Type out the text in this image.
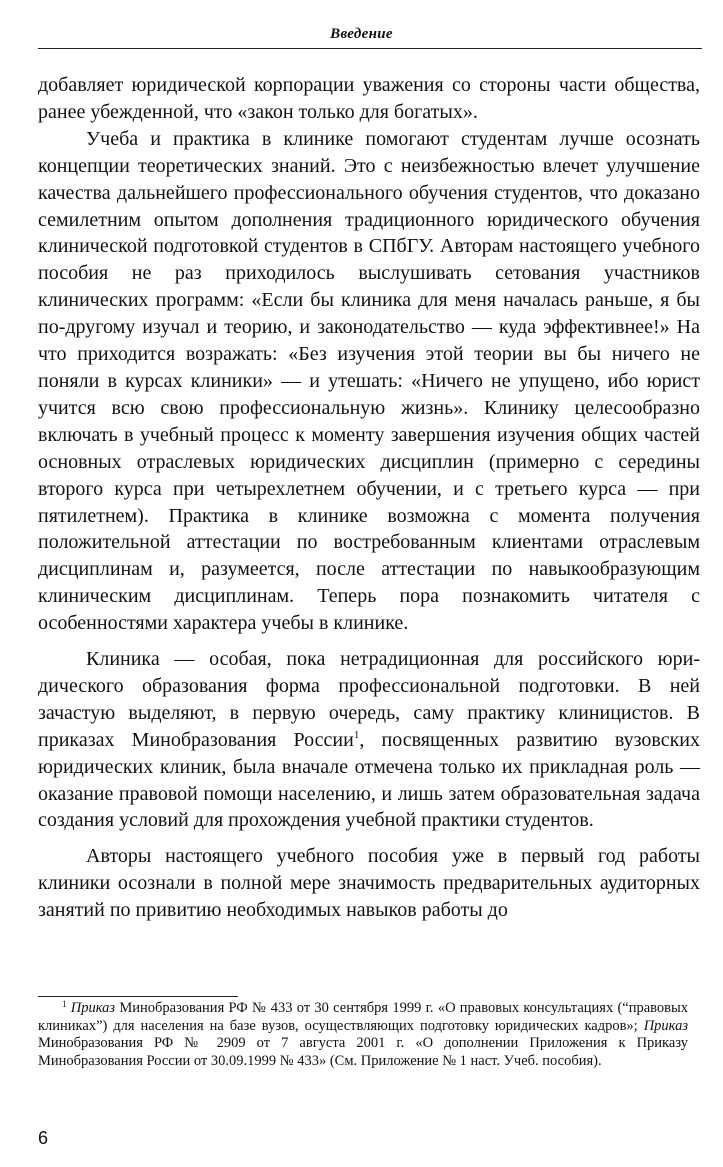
Введение

добавляет юридической корпорации уважения со стороны части общества, ранее убежденной, что «закон только для богатых».

Учеба и практика в клинике помогают студентам лучше осознать концепции теоретических знаний. Это с неизбежностью влечет улучшение качества дальнейшего профессионального обучения студентов, что доказано семилетним опытом дополнения традиционного юридического обучения клинической подготовкой студентов в СПбГУ. Авторам настоящего учебного пособия не раз приходилось выслушивать сетования участников клинических программ: «Если бы клиника для меня началась раньше, я бы по-другому изучал и теорию, и законодательство — куда эффективнее!» На что приходится возражать: «Без изучения этой теории вы бы ничего не поняли в курсах клиники» — и утешать: «Ничего не упущено, ибо юрист учится всю свою профессиональную жизнь». Клинику целесообразно включать в учебный процесс к моменту завершения изучения общих частей основных отраслевых юридических дисциплин (примерно с середины второго курса при четырехлетнем обучении, и с третьего курса — при пятилетнем). Практика в клинике возможна с момента получения положительной аттестации по востребованным клиентами отраслевым дисциплинам и, разумеется, после аттестации по навыкообразующим клиническим дисциплинам. Теперь пора познакомить читателя с особенностями характера учебы в клинике.

Клиника — особая, пока нетрадиционная для российского юридического образования форма профессиональной подготовки. В ней зачастую выделяют, в первую очередь, саму практику клиницистов. В приказах Минобразования России$^1$, посвященных развитию вузовских юридических клиник, была вначале отмечена только их прикладная роль — оказание правовой помощи населению, и лишь затем образовательная задача создания условий для прохождения учебной практики студентов.

Авторы настоящего учебного пособия уже в первый год работы клиники осознали в полной мере значимость предварительных аудиторных занятий по привитию необходимых навыков работы до

$^1$ Приказ Минобразования РФ № 433 от 30 сентября 1999 г. «О правовых консультациях (“правовых клиниках”) для населения на базе вузов, осуществляющих подготовку юридических кадров»; Приказ Минобразования РФ № 2909 от 7 августа 2001 г. «О дополнении Приложения к Приказу Минобразования России от 30.09.1999 № 433» (См. Приложение № 1 наст. Учеб. пособия).

6
